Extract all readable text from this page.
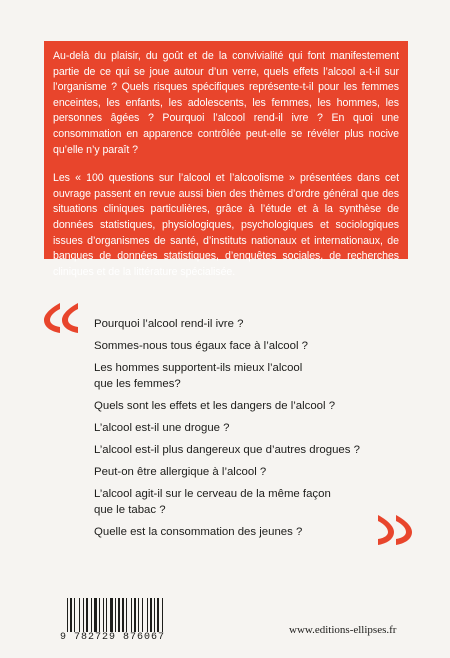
Au-delà du plaisir, du goût et de la convivialité qui font manifestement partie de ce qui se joue autour d’un verre, quels effets l’alcool a-t-il sur l’organisme ? Quels risques spécifiques représente-t-il pour les femmes enceintes, les enfants, les adolescents, les femmes, les hommes, les personnes âgées ? Pourquoi l’alcool rend-il ivre ? En quoi une consommation en apparence contrôlée peut-elle se révéler plus nocive qu’elle n’y paraît ?

Les « 100 questions sur l’alcool et l’alcoolisme » présentées dans cet ouvrage passent en revue aussi bien des thèmes d’ordre général que des situations cliniques particulières, grâce à l’étude et à la synthèse de données statistiques, physiologiques, psychologiques et sociologiques issues d’organismes de santé, d’instituts nationaux et internationaux, de banques de données statistiques, d’enquêtes sociales, de recherches cliniques et de la littérature spécialisée.

Pourquoi l’alcool rend-il ivre ?
Sommes-nous tous égaux face à l’alcool ?
Les hommes supportent-ils mieux l’alcool
que les femmes?
Quels sont les effets et les dangers de l’alcool ?
L’alcool est-il une drogue ?
L’alcool est-il plus dangereux que d’autres drogues ?
Peut-on être allergique à l’alcool ?
L’alcool agit-il sur le cerveau de la même façon
que le tabac ?
Quelle est la consommation des jeunes ?
9 782729 876067
www.editions-ellipses.fr
